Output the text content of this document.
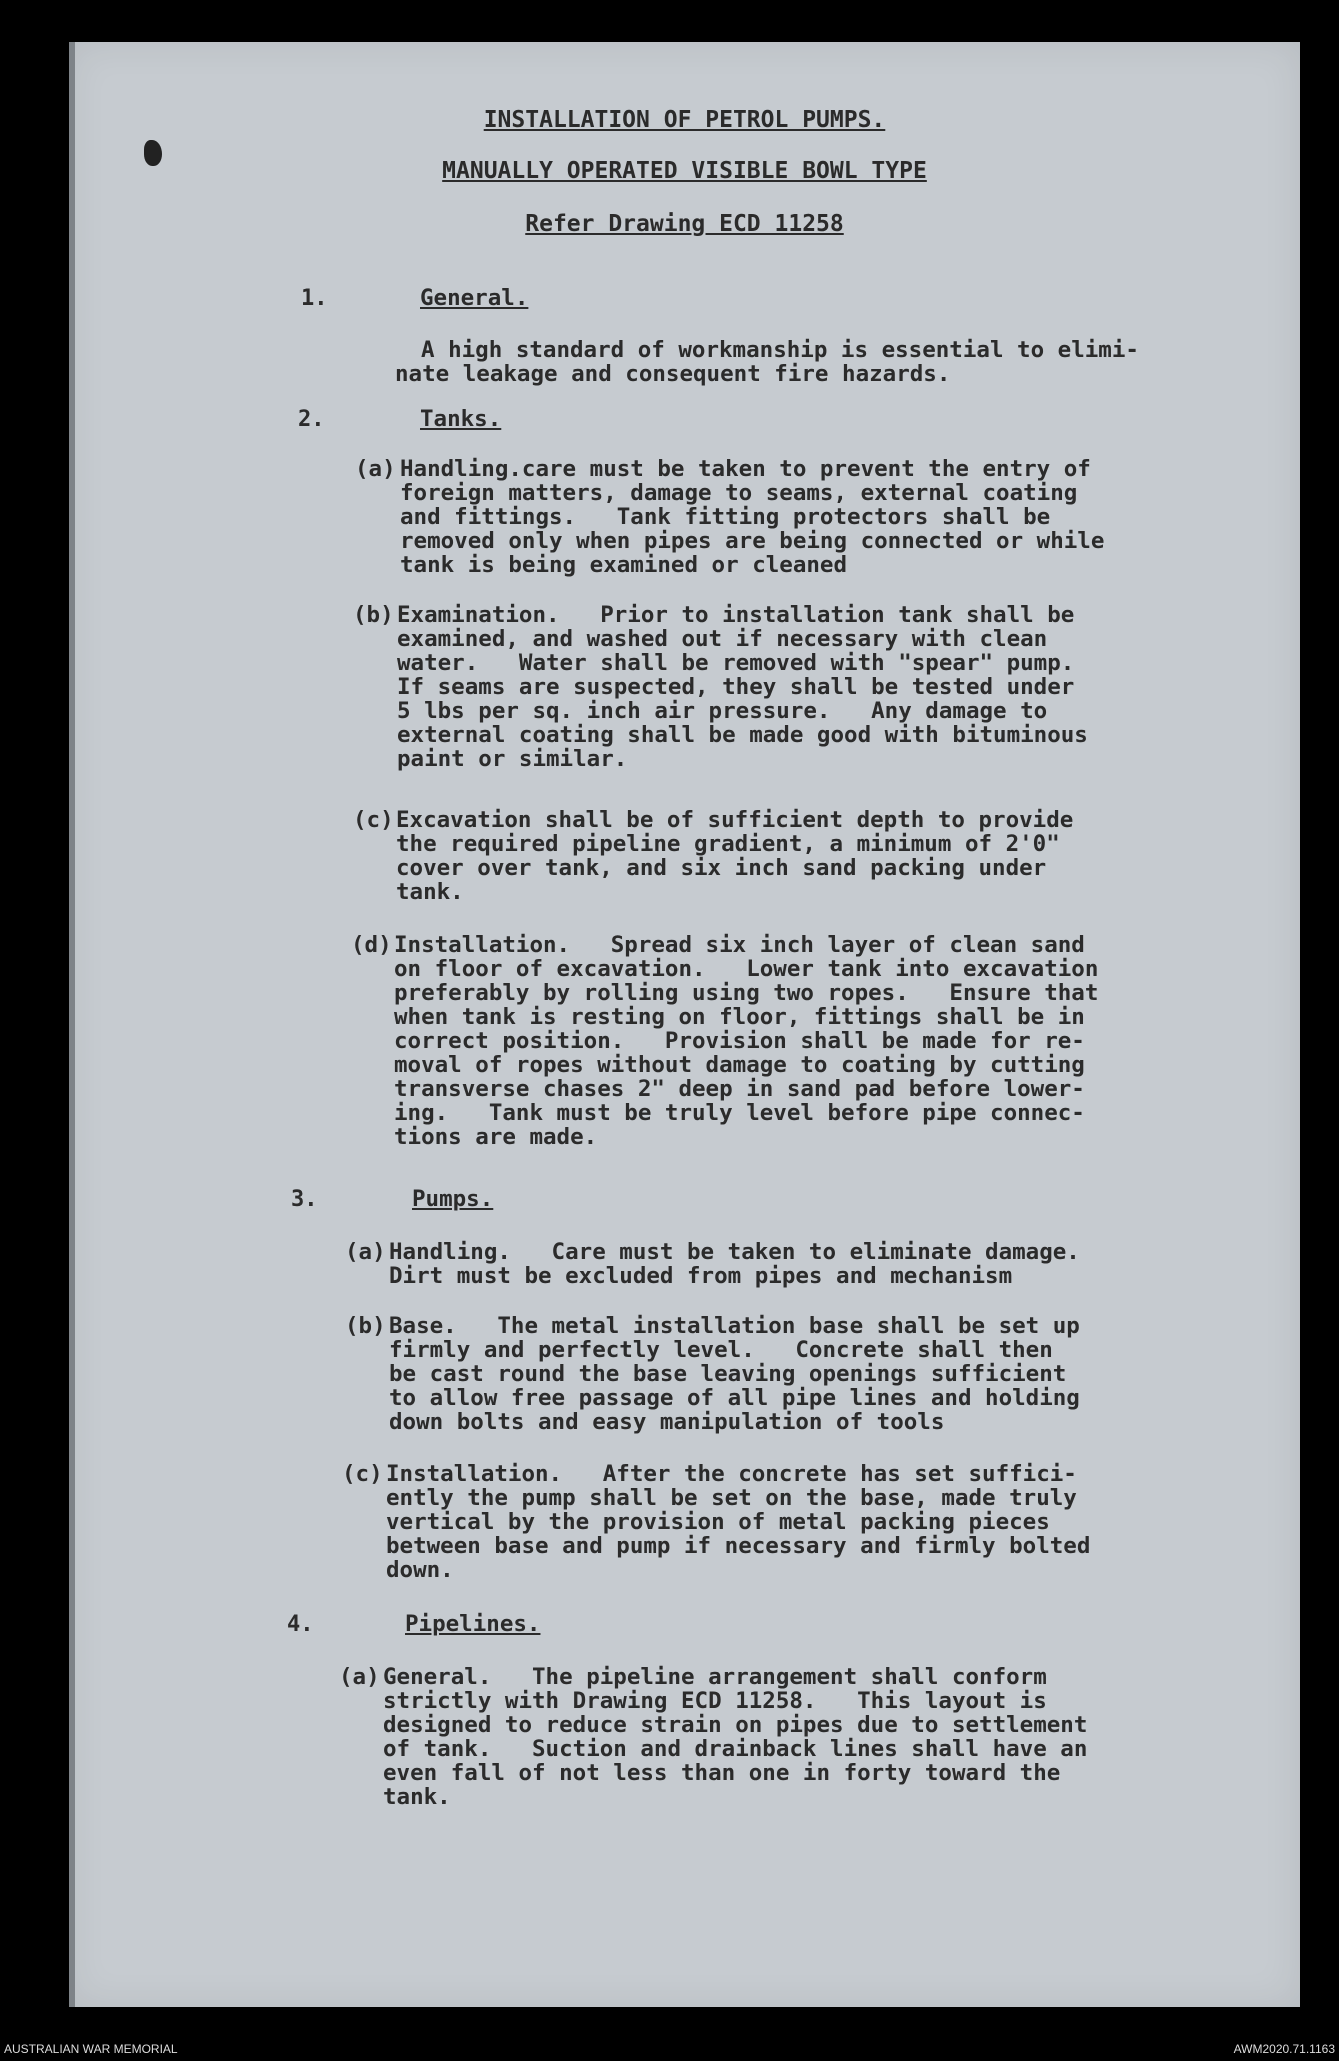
INSTALLATION OF PETROL PUMPS.
MANUALLY OPERATED VISIBLE BOWL TYPE
Refer Drawing ECD 11258
1.	General.
A high standard of workmanship is essential to elimi-
nate leakage and consequent fire hazards.
2.	Tanks.
(a) Handling.care must be taken to prevent the entry of
foreign matters, damage to seams, external coating
and fittings.   Tank fitting protectors shall be
removed only when pipes are being connected or while
tank is being examined or cleaned
(b) Examination.   Prior to installation tank shall be
examined, and washed out if necessary with clean
water.   Water shall be removed with "spear" pump.
If seams are suspected, they shall be tested under
5 lbs per sq. inch air pressure.   Any damage to
external coating shall be made good with bituminous
paint or similar.
(c) Excavation shall be of sufficient depth to provide
the required pipeline gradient, a minimum of 2'0"
cover over tank, and six inch sand packing under
tank.
(d) Installation.   Spread six inch layer of clean sand
on floor of excavation.   Lower tank into excavation
preferably by rolling using two ropes.   Ensure that
when tank is resting on floor, fittings shall be in
correct position.   Provision shall be made for re-
moval of ropes without damage to coating by cutting
transverse chases 2" deep in sand pad before lower-
ing.   Tank must be truly level before pipe connec-
tions are made.
3.	Pumps.
(a) Handling.   Care must be taken to eliminate damage.
Dirt must be excluded from pipes and mechanism
(b) Base.   The metal installation base shall be set up
firmly and perfectly level.   Concrete shall then
be cast round the base leaving openings sufficient
to allow free passage of all pipe lines and holding
down bolts and easy manipulation of tools
(c) Installation.   After the concrete has set suffici-
ently the pump shall be set on the base, made truly
vertical by the provision of metal packing pieces
between base and pump if necessary and firmly bolted
down.
4.	Pipelines.
(a) General.   The pipeline arrangement shall conform
strictly with Drawing ECD 11258.   This layout is
designed to reduce strain on pipes due to settlement
of tank.   Suction and drainback lines shall have an
even fall of not less than one in forty toward the
tank.
AUSTRALIAN WAR MEMORIAL	AWM2020.71.1163
